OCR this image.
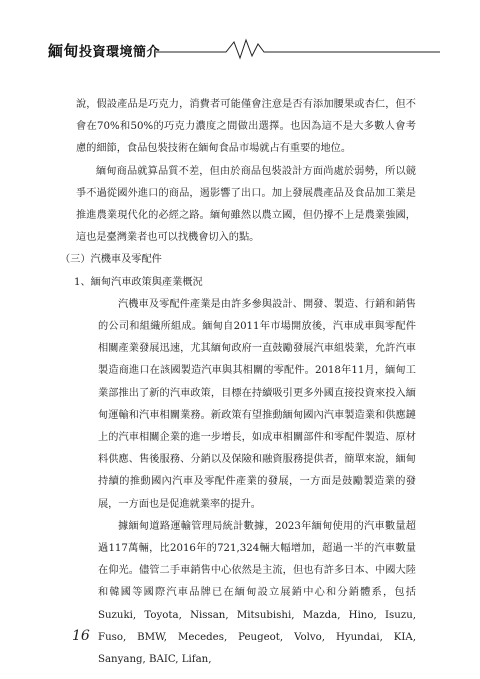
緬甸投資環境簡介

說，假設產品是巧克力，消費者可能僅會注意是否有添加腰果或杏仁，但不會在70%和50%的巧克力濃度之間做出選擇。也因為這不是大多數人會考慮的細節，食品包裝技術在緬甸食品市場就占有重要的地位。

緬甸商品就算品質不差，但由於商品包裝設計方面尚處於弱勢，所以競爭不過從國外進口的商品，遏影響了出口。加上發展農產品及食品加工業是推進農業現代化的必經之路。緬甸雖然以農立國，但仍撐不上是農業強國，這也是臺灣業者也可以找機會切入的點。

（三）汽機車及零配件

1、緬甸汽車政策與產業概況

汽機車及零配件產業是由許多參與設計、開發、製造、行銷和銷售的公司和組織所組成。緬甸自2011年市場開放後，汽車成車與零配件相關產業發展迅速，尤其緬甸政府一直鼓勵發展汽車組裝業，允許汽車製造商進口在該國製造汽車與其相關的零配件。2018年11月，緬甸工業部推出了新的汽車政策，目標在持續吸引更多外國直接投資來投入緬甸運輸和汽車相關業務。新政策有望推動緬甸國內汽車製造業和供應鏈上的汽車相關企業的進一步增長，如成車相關部件和零配件製造、原材料供應、售後服務、分銷以及保險和融資服務提供者，簡單來說，緬甸持續的推動國內汽車及零配件產業的發展，一方面是鼓勵製造業的發展，一方面也是促進就業率的提升。

據緬甸道路運輸管理局統計數據，2023年緬甸使用的汽車數量超過117萬輛，比2016年的721,324輛大幅增加，超過一半的汽車數量在仰光。儘管二手車銷售中心依然是主流，但也有許多日本、中國大陸和韓國等國際汽車品牌已在緬甸設立展銷中心和分銷體系，包括Suzuki, Toyota, Nissan, Mitsubishi, Mazda, Hino, Isuzu, Fuso, BMW, Mecedes, Peugeot, Volvo, Hyundai, KIA, Sanyang, BAIC, Lifan,

16
